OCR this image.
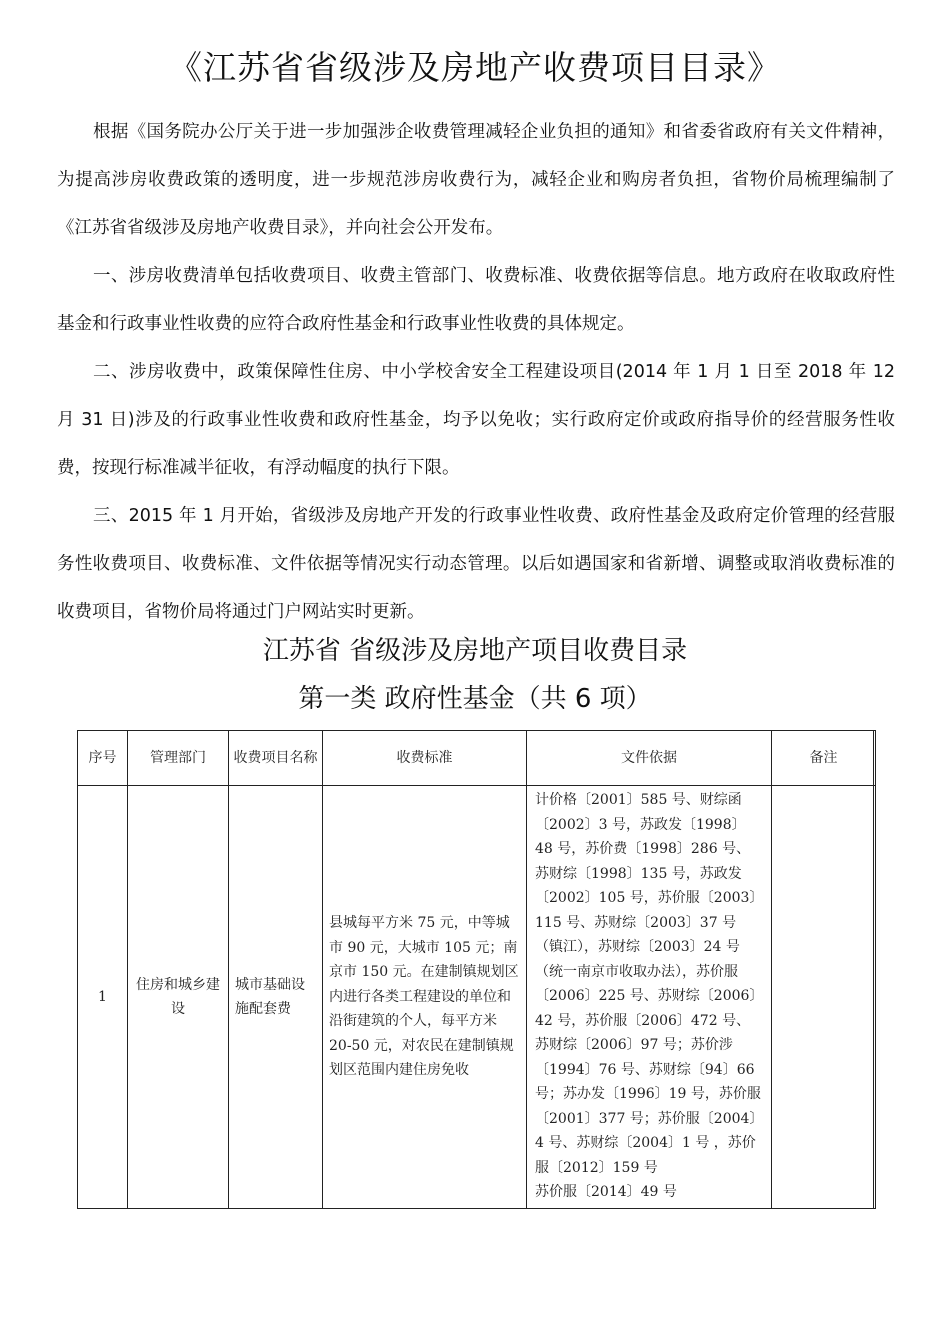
《江苏省省级涉及房地产收费项目目录》
根据《国务院办公厅关于进一步加强涉企收费管理减轻企业负担的通知》和省委省政府有关文件精神，为提高涉房收费政策的透明度，进一步规范涉房收费行为，减轻企业和购房者负担，省物价局梳理编制了《江苏省省级涉及房地产收费目录》，并向社会公开发布。
一、涉房收费清单包括收费项目、收费主管部门、收费标准、收费依据等信息。地方政府在收取政府性基金和行政事业性收费的应符合政府性基金和行政事业性收费的具体规定。
二、涉房收费中，政策保障性住房、中小学校舍安全工程建设项目(2014 年 1 月 1 日至 2018 年 12 月 31 日)涉及的行政事业性收费和政府性基金，均予以免收；实行政府定价或政府指导价的经营服务性收费，按现行标准减半征收，有浮动幅度的执行下限。
三、2015 年 1 月开始，省级涉及房地产开发的行政事业性收费、政府性基金及政府定价管理的经营服务性收费项目、收费标准、文件依据等情况实行动态管理。以后如遇国家和省新增、调整或取消收费标准的收费项目，省物价局将通过门户网站实时更新。
江苏省 省级涉及房地产项目收费目录
第一类 政府性基金（共 6 项）
序号	管理部门	收费项目名称	收费标准	文件依据	备注
1	住房和城乡建设	城市基础设施配套费	县城每平方米 75 元，中等城市 90 元，大城市 105 元；南京市 150 元。在建制镇规划区内进行各类工程建设的单位和沿街建筑的个人，每平方米 20-50 元，对农民在建制镇规划区范围内建住房免收	计价格〔2001〕585 号、财综函〔2002〕3 号，苏政发〔1998〕48 号，苏价费〔1998〕286 号、苏财综〔1998〕135 号，苏政发〔2002〕105 号，苏价服〔2003〕115 号、苏财综〔2003〕37 号（镇江），苏财综〔2003〕24 号（统一南京市收取办法），苏价服〔2006〕225 号、苏财综〔2006〕42 号，苏价服〔2006〕472 号、苏财综〔2006〕97 号；苏价涉〔1994〕76 号、苏财综〔94〕66 号；苏办发〔1996〕19 号，苏价服〔2001〕377 号；苏价服〔2004〕4 号、苏财综〔2004〕1 号 ，苏价服〔2012〕159 号
苏价服〔2014〕49 号	
